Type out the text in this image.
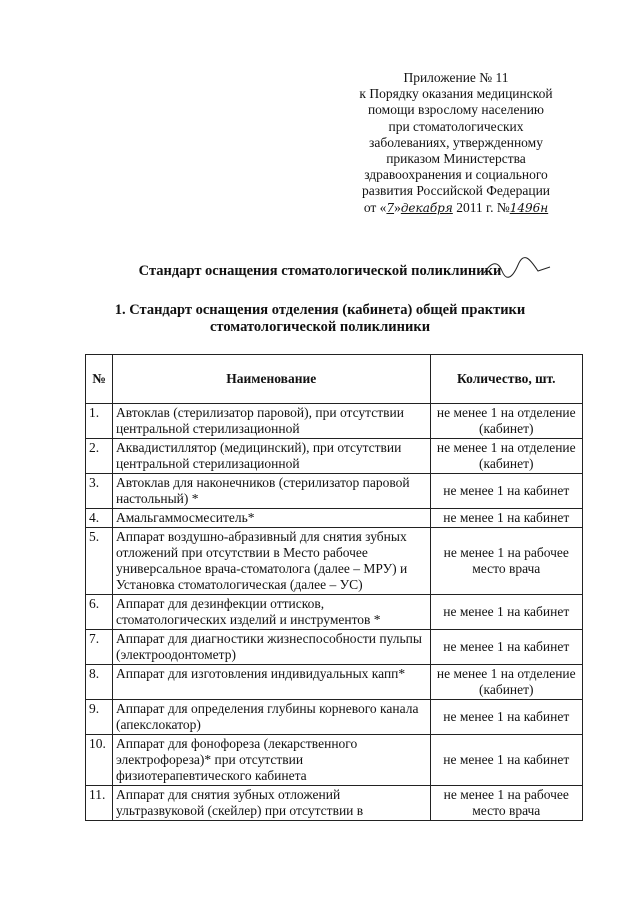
Приложение № 11
к Порядку оказания медицинской
помощи взрослому населению
при стоматологических
заболеваниях, утвержденному
приказом Министерства
здравоохранения и социального
развития Российской Федерации
от «7»декабря 2011 г. №1496н
Стандарт оснащения стоматологической поликлиники
1. Стандарт оснащения отделения (кабинета) общей практики
стоматологической поликлиники
№	Наименование	Количество, шт.
1.	Автоклав (стерилизатор паровой), при отсутствии центральной стерилизационной	не менее 1 на отделение (кабинет)
2.	Аквадистиллятор (медицинский), при отсутствии центральной стерилизационной	не менее 1 на отделение (кабинет)
3.	Автоклав для наконечников (стерилизатор паровой настольный) *	не менее 1 на кабинет
4.	Амальгаммосмеситель*	не менее 1 на кабинет
5.	Аппарат воздушно-абразивный для снятия зубных отложений при отсутствии в Место рабочее универсальное врача-стоматолога (далее – МРУ) и Установка стоматологическая (далее – УС)	не менее 1 на рабочее место врача
6.	Аппарат для дезинфекции оттисков, стоматологических изделий и инструментов *	не менее 1 на кабинет
7.	Аппарат для диагностики жизнеспособности пульпы (электроодонтометр)	не менее 1 на кабинет
8.	Аппарат для изготовления индивидуальных капп*	не менее 1 на отделение (кабинет)
9.	Аппарат для определения глубины корневого канала (апекслокатор)	не менее 1 на кабинет
10.	Аппарат для фонофореза (лекарственного электрофореза)* при отсутствии физиотерапевтического кабинета	не менее 1 на кабинет
11.	Аппарат для снятия зубных отложений ультразвуковой (скейлер) при отсутствии в	не менее 1 на рабочее место врача
